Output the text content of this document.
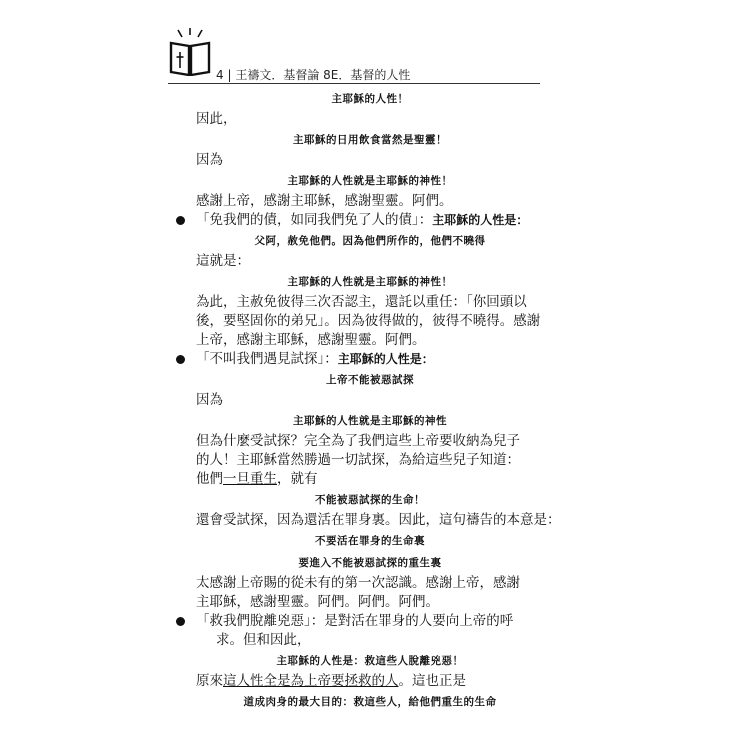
4 | 王禱文．基督論 8E．基督的人性
主耶穌的人性！
因此，
主耶穌的日用飲食當然是聖靈！
因為
主耶穌的人性就是主耶穌的神性！
感謝上帝，感謝主耶穌，感謝聖靈。阿們。
「免我們的債，如同我們免了人的債」：主耶穌的人性是：
父阿，赦免他們。因為他們所作的，他們不曉得
這就是：
主耶穌的人性就是主耶穌的神性！
為此，主赦免彼得三次否認主，還託以重任：「你回頭以
後，要堅固你的弟兄」。因為彼得做的，彼得不曉得。感謝
上帝，感謝主耶穌，感謝聖靈。阿們。
「不叫我們遇見試探」：主耶穌的人性是：
上帝不能被惡試探
因為
主耶穌的人性就是主耶穌的神性
但為什麼受試探？完全為了我們這些上帝要收納為兒子
的人！主耶穌當然勝過一切試探，為給這些兒子知道：
他們一旦重生，就有
不能被惡試探的生命！
還會受試探，因為還活在罪身裏。因此，這句禱告的本意是：
不要活在罪身的生命裏
要進入不能被惡試探的重生裏
太感謝上帝賜的從未有的第一次認識。感謝上帝，感謝
主耶穌，感謝聖靈。阿們。阿們。阿們。
「救我們脫離兇惡」：是對活在罪身的人要向上帝的呼
求。但和因此，
主耶穌的人性是：救這些人脫離兇惡！
原來這人性全是為上帝要拯救的人。這也正是
道成肉身的最大目的：救這些人，給他們重生的生命
